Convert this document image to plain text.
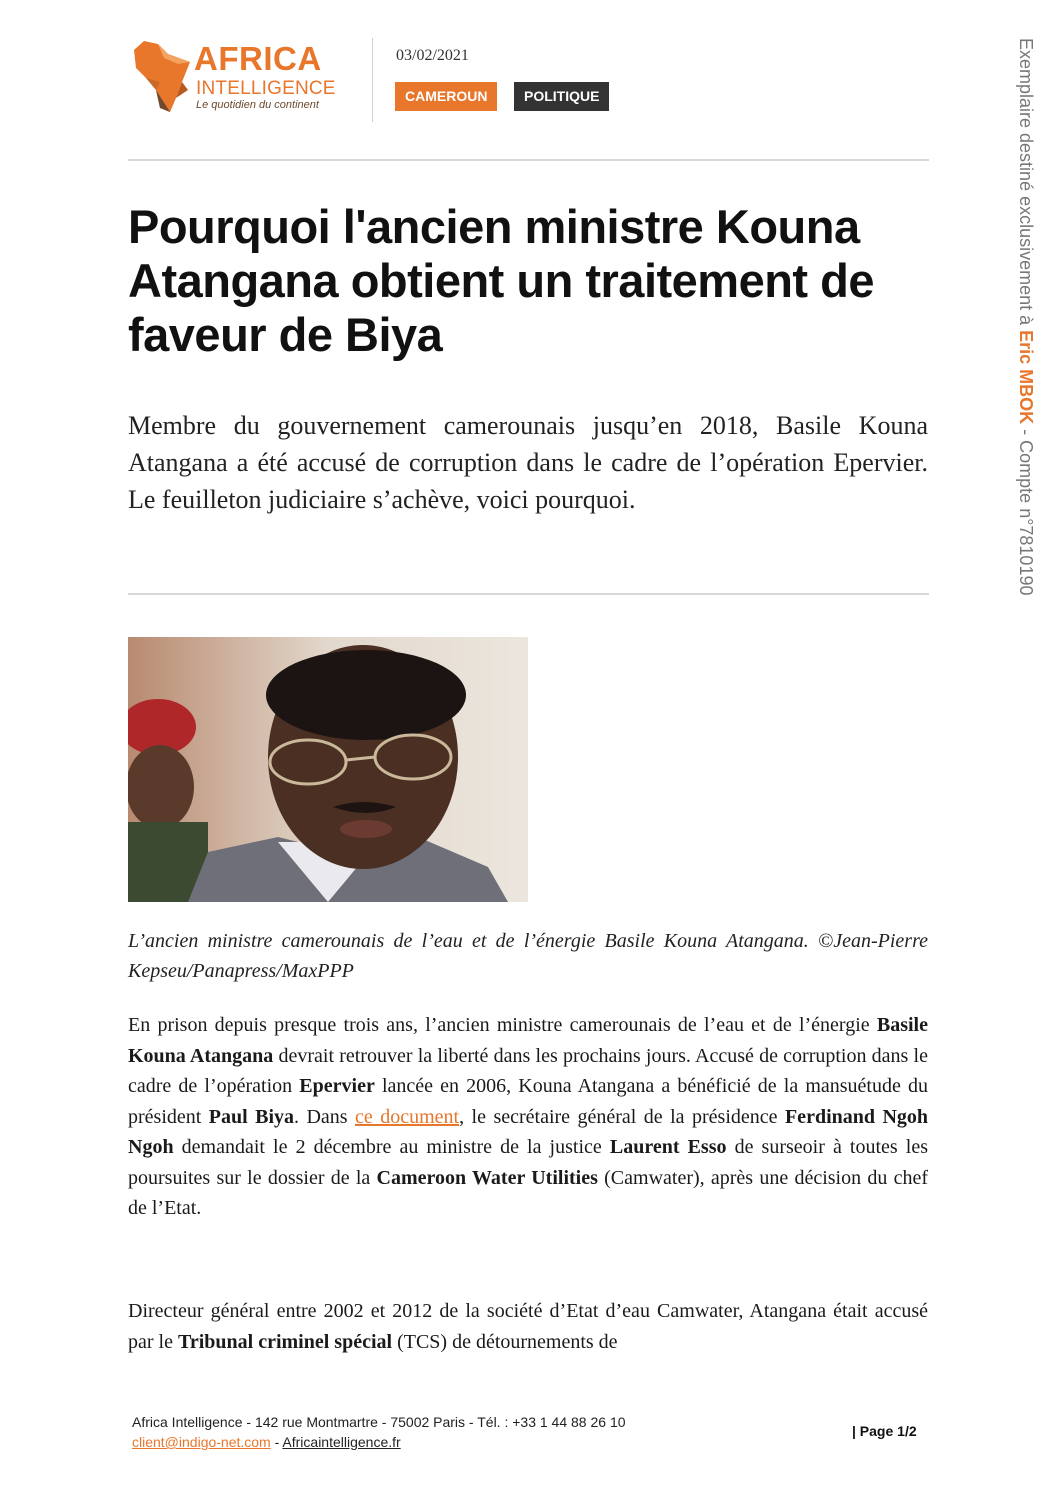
AFRICA
INTELLIGENCE
Le quotidien du continent
03/02/2021
CAMEROUN	POLITIQUE
Pourquoi l'ancien ministre Kouna Atangana obtient un traitement de faveur de Biya

Membre du gouvernement camerounais jusqu’en 2018, Basile Kouna Atangana a été accusé de corruption dans le cadre de l’opération Epervier. Le feuilleton judiciaire s’achève, voici pourquoi.

L’ancien ministre camerounais de l’eau et de l’énergie Basile Kouna Atangana. ©Jean-Pierre Kepseu/Panapress/MaxPPP

En prison depuis presque trois ans, l’ancien ministre camerounais de l’eau et de l’énergie Basile Kouna Atangana devrait retrouver la liberté dans les prochains jours. Accusé de corruption dans le cadre de l’opération Epervier lancée en 2006, Kouna Atangana a bénéficié de la mansuétude du président Paul Biya. Dans ce document, le secrétaire général de la présidence Ferdinand Ngoh Ngoh demandait le 2 décembre au ministre de la justice Laurent Esso de surseoir à toutes les poursuites sur le dossier de la Cameroon Water Utilities (Camwater), après une décision du chef de l’Etat.

Directeur général entre 2002 et 2012 de la société d’Etat d’eau Camwater, Atangana était accusé par le Tribunal criminel spécial (TCS) de détournements de

Exemplaire destiné exclusivement à Eric MBOK - Compte n°7810190
Africa Intelligence - 142 rue Montmartre - 75002 Paris - Tél. : +33 1 44 88 26 10
client@indigo-net.com - Africaintelligence.fr
| Page 1/2
